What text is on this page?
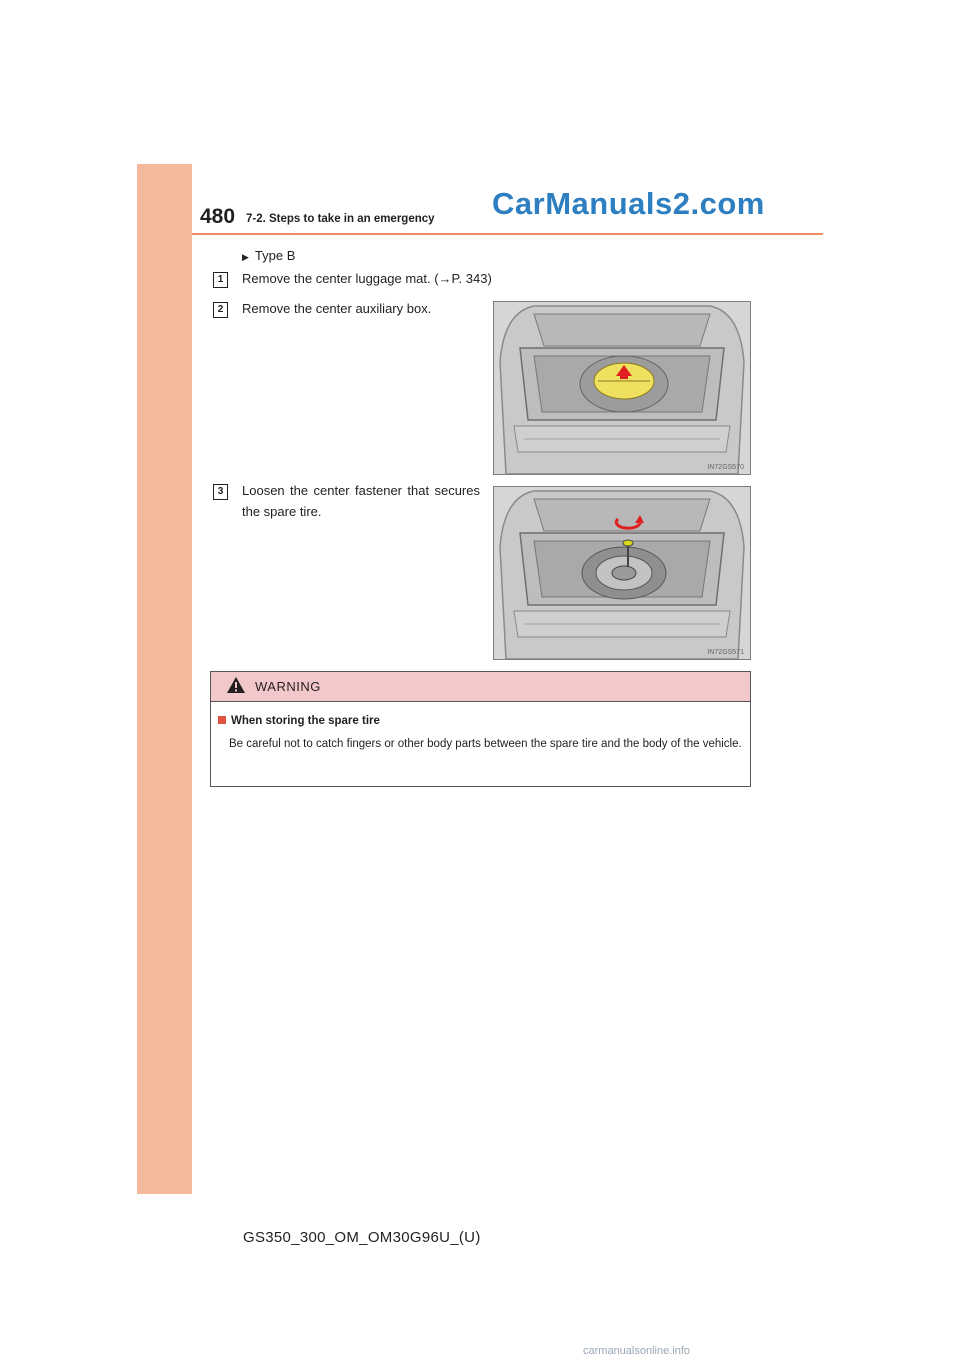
480 7-2. Steps to take in an emergency CarManuals2.com
▶ Type B
1	Remove the center luggage mat. (→P. 343)
2	Remove the center auxiliary box.
3	Loosen the center fastener that secures the spare tire.
IN72GS570
IN72GS571
WARNING
When storing the spare tire
Be careful not to catch fingers or other body parts between the spare tire and the body of the vehicle.
GS350_300_OM_OM30G96U_(U)
carmanualsonline.info
